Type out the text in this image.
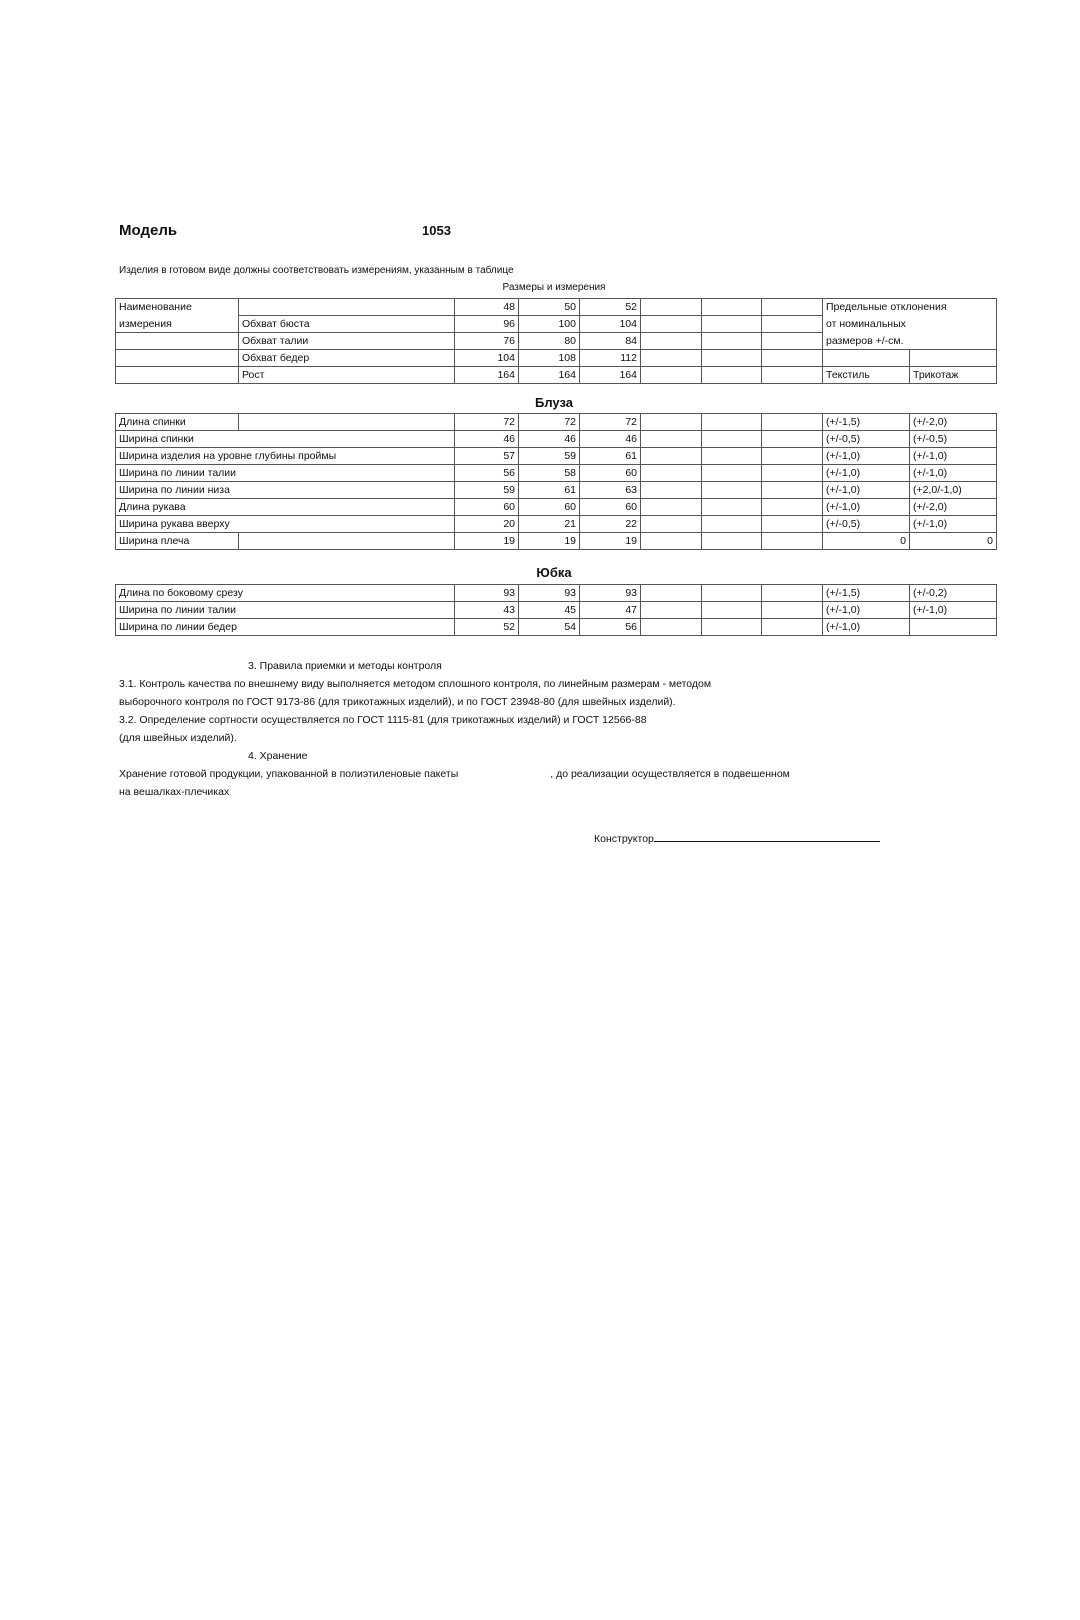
Модель	1053
Изделия в готовом виде должны соответствовать измерениям, указанным в таблице
Размеры и измерения
Наименование		48	50	52				Предельные отклонения	
измерения	Обхват бюста	96	100	104				от номинальных	
	Обхват талии	76	80	84				размеров +/-см.	
	Обхват бедер	104	108	112					
	Рост	164	164	164				Текстиль	Трикотаж
Блуза
Длина спинки		72	72	72				(+/-1,5)	(+/-2,0)
Ширина спинки		46	46	46				(+/-0,5)	(+/-0,5)
Ширина изделия на уровне глубины проймы		57	59	61				(+/-1,0)	(+/-1,0)
Ширина по линии талии		56	58	60				(+/-1,0)	(+/-1,0)
Ширина по линии низа		59	61	63				(+/-1,0)	(+2,0/-1,0)
Длина рукава		60	60	60				(+/-1,0)	(+/-2,0)
Ширина рукава вверху		20	21	22				(+/-0,5)	(+/-1,0)
Ширина плеча		19	19	19				0	0
Юбка
Длина по боковому срезу	93	93	93				(+/-1,5)	(+/-0,2)
Ширина по линии талии	43	45	47				(+/-1,0)	(+/-1,0)
Ширина по линии бедер	52	54	56				(+/-1,0)	
3. Правила приемки и методы контроля
3.1. Контроль качества по внешнему виду выполняется методом сплошного контроля, по линейным размерам - методом
выборочного контроля по ГОСТ 9173-86 (для трикотажных изделий), и по ГОСТ 23948-80 (для швейных изделий).
3.2. Определение сортности осуществляется по ГОСТ 1115-81 (для трикотажных изделий) и ГОСТ 12566-88
(для швейных изделий).
4. Хранение
Хранение готовой продукции, упакованной в полиэтиленовые пакеты	, до реализации осуществляется в подвешенном
на вешалках-плечиках
Конструктор
